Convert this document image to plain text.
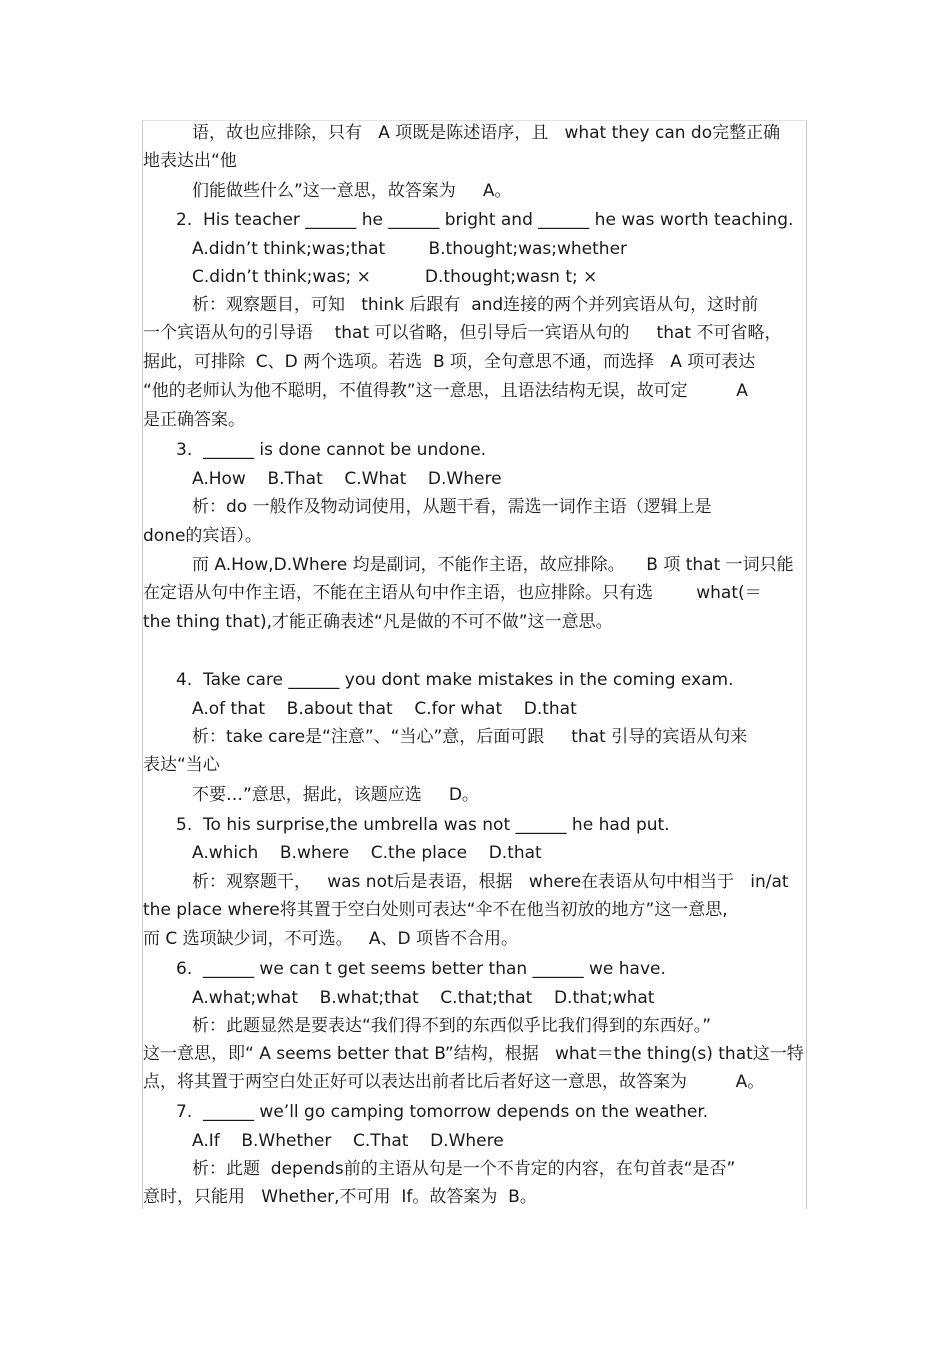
语，故也应排除，只有   A 项既是陈述语序，且   what they can do完整正确
地表达出“他
们能做些什么”这一意思，故答案为     A。
2.  His teacher ______ he ______ bright and ______ he was worth teaching.
A.didn’t think;was;that        B.thought;was;whether
C.didn’t think;was; ×          D.thought;wasn t; ×
析：观察题目，可知   think 后跟有  and连接的两个并列宾语从句，这时前
一个宾语从句的引导语    that 可以省略，但引导后一宾语从句的     that 不可省略，
据此，可排除  C、D 两个选项。若选  B 项，全句意思不通，而选择   A 项可表达
“他的老师认为他不聪明，不值得教”这一意思，且语法结构无误，故可定         A
是正确答案。
3.  ______ is done cannot be undone.
A.How    B.That    C.What    D.Where
析：do 一般作及物动词使用，从题干看，需选一词作主语（逻辑上是
done的宾语）。
而 A.How,D.Where 均是副词，不能作主语，故应排除。    B 项 that 一词只能
在定语从句中作主语，不能在主语从句中作主语，也应排除。只有选        what(＝
the thing that),才能正确表述“凡是做的不可不做”这一意思。
4.  Take care ______ you dont make mistakes in the coming exam.
A.of that    B.about that    C.for what    D.that
析：take care是“注意”、“当心”意，后面可跟     that 引导的宾语从句来
表达“当心
不要…”意思，据此，该题应选     D。
5.  To his surprise,the umbrella was not ______ he had put.
A.which    B.where    C.the place    D.that
析：观察题干，   was not后是表语，根据   where在表语从句中相当于   in/at
the place where将其置于空白处则可表达“伞不在他当初放的地方”这一意思,
而 C 选项缺少词，不可选。   A、D 项皆不合用。
6.  ______ we can t get seems better than ______ we have.
A.what;what    B.what;that    C.that;that    D.that;what
析：此题显然是要表达“我们得不到的东西似乎比我们得到的东西好。”
这一意思，即“ A seems better that B”结构，根据   what＝the thing(s) that这一特
点，将其置于两空白处正好可以表达出前者比后者好这一意思，故答案为         A。
7.  ______ we’ll go camping tomorrow depends on the weather.
A.If    B.Whether    C.That    D.Where
析：此题  depends前的主语从句是一个不肯定的内容，在句首表“是否”
意时，只能用   Whether,不可用  If。故答案为  B。
